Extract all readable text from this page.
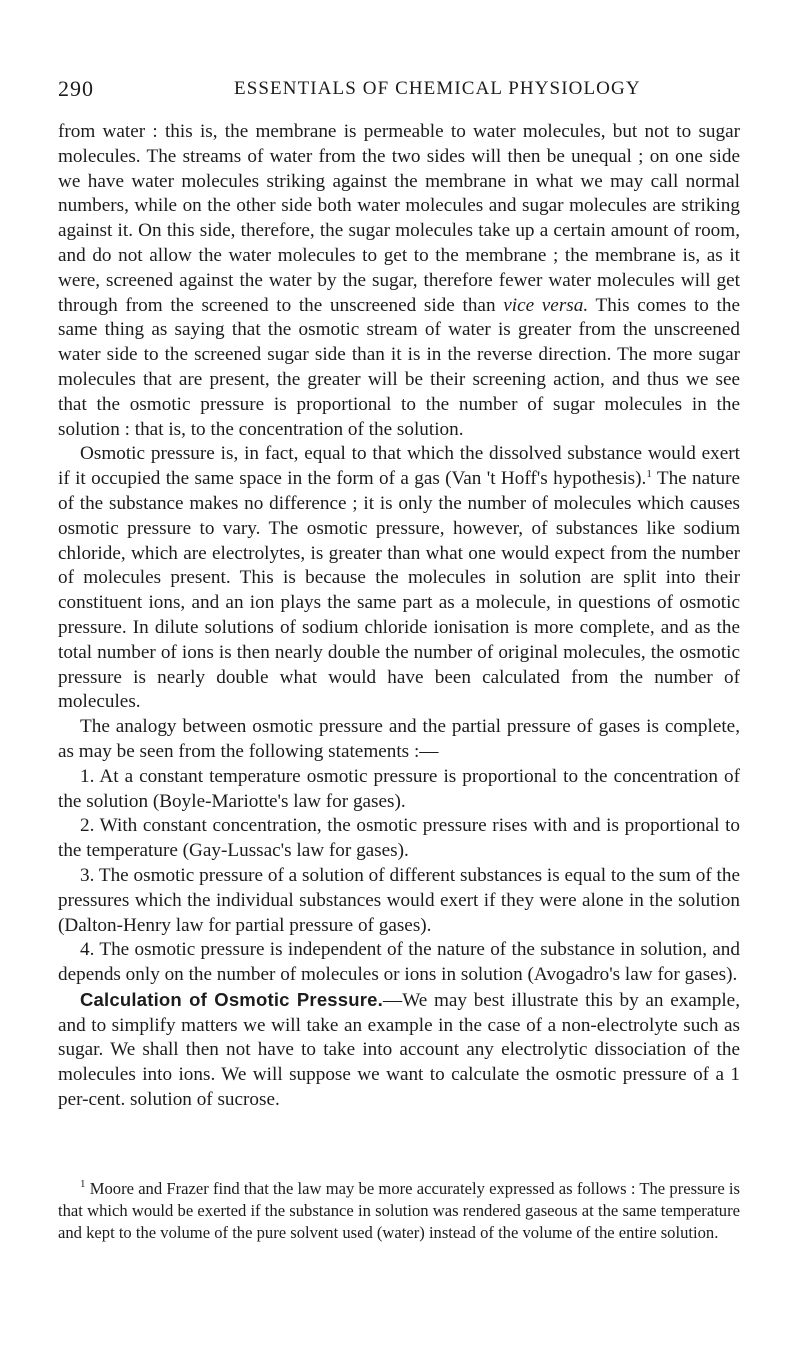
290	ESSENTIALS OF CHEMICAL PHYSIOLOGY

from water : this is, the membrane is permeable to water molecules, but not to sugar molecules. The streams of water from the two sides will then be unequal ; on one side we have water molecules striking against the membrane in what we may call normal numbers, while on the other side both water molecules and sugar molecules are striking against it. On this side, therefore, the sugar molecules take up a certain amount of room, and do not allow the water molecules to get to the membrane ; the membrane is, as it were, screened against the water by the sugar, therefore fewer water molecules will get through from the screened to the unscreened side than vice versa. This comes to the same thing as saying that the osmotic stream of water is greater from the unscreened water side to the screened sugar side than it is in the reverse direction. The more sugar molecules that are present, the greater will be their screening action, and thus we see that the osmotic pressure is proportional to the number of sugar molecules in the solution : that is, to the concentration of the solution.

Osmotic pressure is, in fact, equal to that which the dissolved substance would exert if it occupied the same space in the form of a gas (Van 't Hoff's hypothesis).$^1$ The nature of the substance makes no difference ; it is only the number of molecules which causes osmotic pressure to vary. The osmotic pressure, however, of substances like sodium chloride, which are electrolytes, is greater than what one would expect from the number of molecules present. This is because the molecules in solution are split into their constituent ions, and an ion plays the same part as a molecule, in questions of osmotic pressure. In dilute solutions of sodium chloride ionisation is more complete, and as the total number of ions is then nearly double the number of original molecules, the osmotic pressure is nearly double what would have been calculated from the number of molecules.

The analogy between osmotic pressure and the partial pressure of gases is complete, as may be seen from the following statements :—

1. At a constant temperature osmotic pressure is proportional to the concentration of the solution (Boyle-Mariotte's law for gases).

2. With constant concentration, the osmotic pressure rises with and is proportional to the temperature (Gay-Lussac's law for gases).

3. The osmotic pressure of a solution of different substances is equal to the sum of the pressures which the individual substances would exert if they were alone in the solution (Dalton-Henry law for partial pressure of gases).

4. The osmotic pressure is independent of the nature of the substance in solution, and depends only on the number of molecules or ions in solution (Avogadro's law for gases).

Calculation of Osmotic Pressure.—We may best illustrate this by an example, and to simplify matters we will take an example in the case of a non-electrolyte such as sugar. We shall then not have to take into account any electrolytic dissociation of the molecules into ions. We will suppose we want to calculate the osmotic pressure of a 1 per-cent. solution of sucrose.

$^1$ Moore and Frazer find that the law may be more accurately expressed as follows : The pressure is that which would be exerted if the substance in solution was rendered gaseous at the same temperature and kept to the volume of the pure solvent used (water) instead of the volume of the entire solution.
